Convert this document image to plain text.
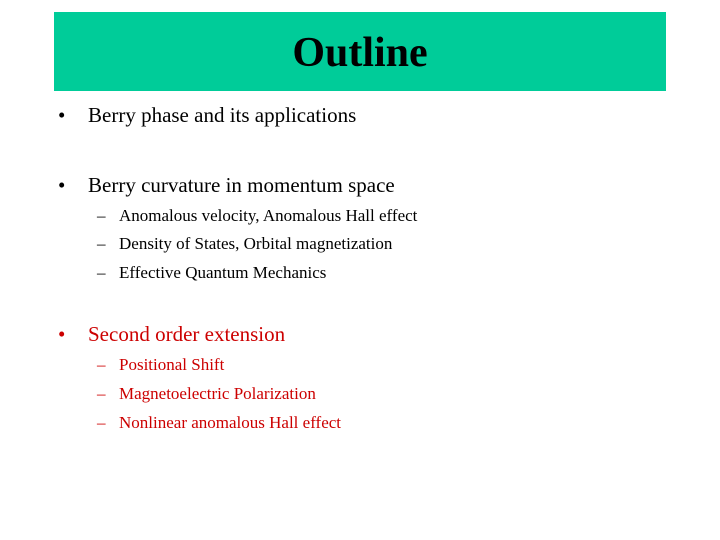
Outline
• Berry phase and its applications
• Berry curvature in momentum space
– Anomalous velocity, Anomalous Hall effect
– Density of States, Orbital magnetization
– Effective Quantum Mechanics
• Second order extension
– Positional Shift
– Magnetoelectric Polarization
– Nonlinear anomalous Hall effect
